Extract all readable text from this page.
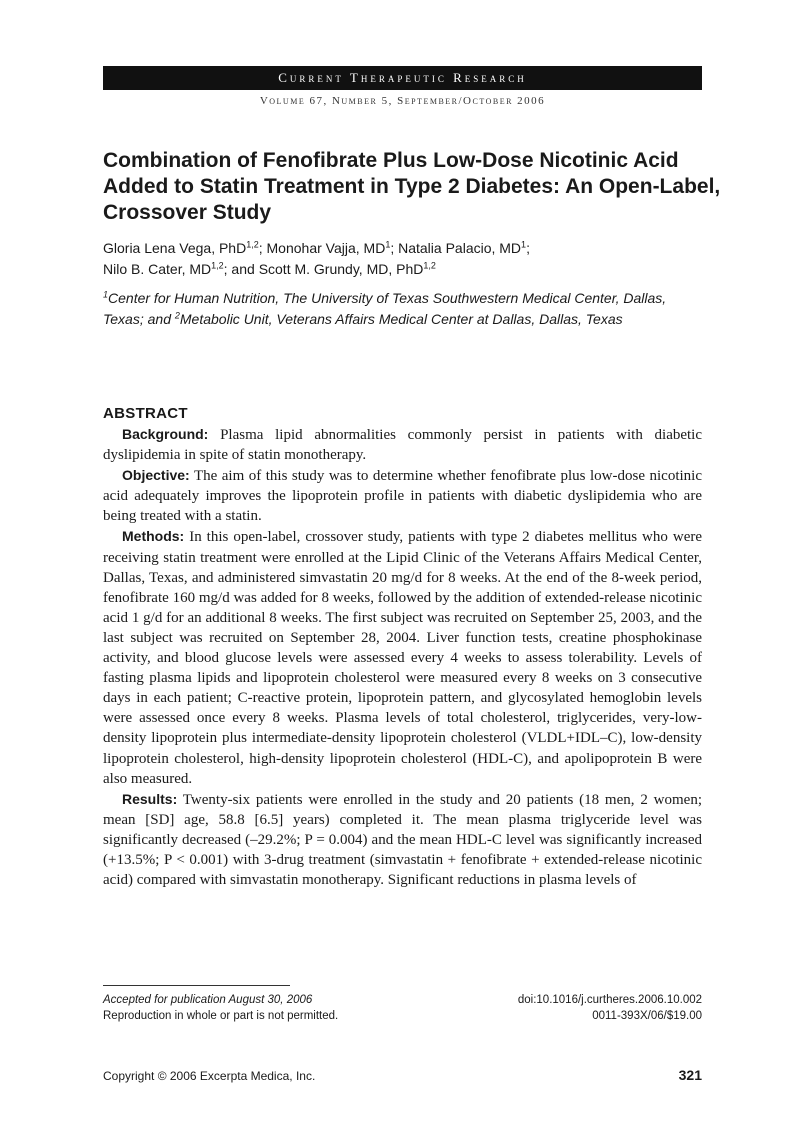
Current Therapeutic Research
Volume 67, Number 5, September/October 2006
Combination of Fenofibrate Plus Low-Dose Nicotinic Acid Added to Statin Treatment in Type 2 Diabetes: An Open-Label, Crossover Study
Gloria Lena Vega, PhD$^{1,2}$; Monohar Vajja, $MD^1$; Natalia Palacio, $MD^1$;
Nilo B. Cater, MD$^{1,2}$; and Scott M. Grundy, MD, PhD$^{1,2}$
$^1$Center for Human Nutrition, The University of Texas Southwestern Medical Center, Dallas, Texas; and $^2$Metabolic Unit, Veterans Affairs Medical Center at Dallas, Dallas, Texas
ABSTRACT

Background: Plasma lipid abnormalities commonly persist in patients with diabetic dyslipidemia in spite of statin monotherapy.

Objective: The aim of this study was to determine whether fenofibrate plus low-dose nicotinic acid adequately improves the lipoprotein profile in patients with diabetic dyslipidemia who are being treated with a statin.

Methods: In this open-label, crossover study, patients with type 2 diabetes mellitus who were receiving statin treatment were enrolled at the Lipid Clinic of the Veterans Affairs Medical Center, Dallas, Texas, and administered simvastatin 20 mg/d for 8 weeks. At the end of the 8-week period, fenofibrate 160 mg/d was added for 8 weeks, followed by the addition of extended-release nicotinic acid 1 g/d for an additional 8 weeks. The first subject was recruited on September 25, 2003, and the last subject was recruited on September 28, 2004. Liver function tests, creatine phosphokinase activity, and blood glucose levels were assessed every 4 weeks to assess tolerability. Levels of fasting plasma lipids and lipoprotein cholesterol were measured every 8 weeks on 3 consecutive days in each patient; C-reactive protein, lipoprotein pattern, and glycosylated hemoglobin levels were assessed once every 8 weeks. Plasma levels of total cholesterol, triglycerides, very-low-density lipoprotein plus intermediate-density lipoprotein cholesterol (VLDL+IDL–C), low-density lipoprotein cholesterol, high-density lipoprotein cholesterol (HDL-C), and apolipoprotein B were also measured.

Results: Twenty-six patients were enrolled in the study and 20 patients (18 men, 2 women; mean [SD] age, 58.8 [6.5] years) completed it. The mean plasma triglyceride level was significantly decreased (–29.2%; P = 0.004) and the mean HDL-C level was significantly increased (+13.5%; P < 0.001) with 3-drug treatment (simvastatin + fenofibrate + extended-release nicotinic acid) compared with simvastatin monotherapy. Significant reductions in plasma levels of

Accepted for publication August 30, 2006
Reproduction in whole or part is not permitted.
doi:10.1016/j.curtheres.2006.10.002
0011-393X/06/$19.00
Copyright © 2006 Excerpta Medica, Inc.	321
